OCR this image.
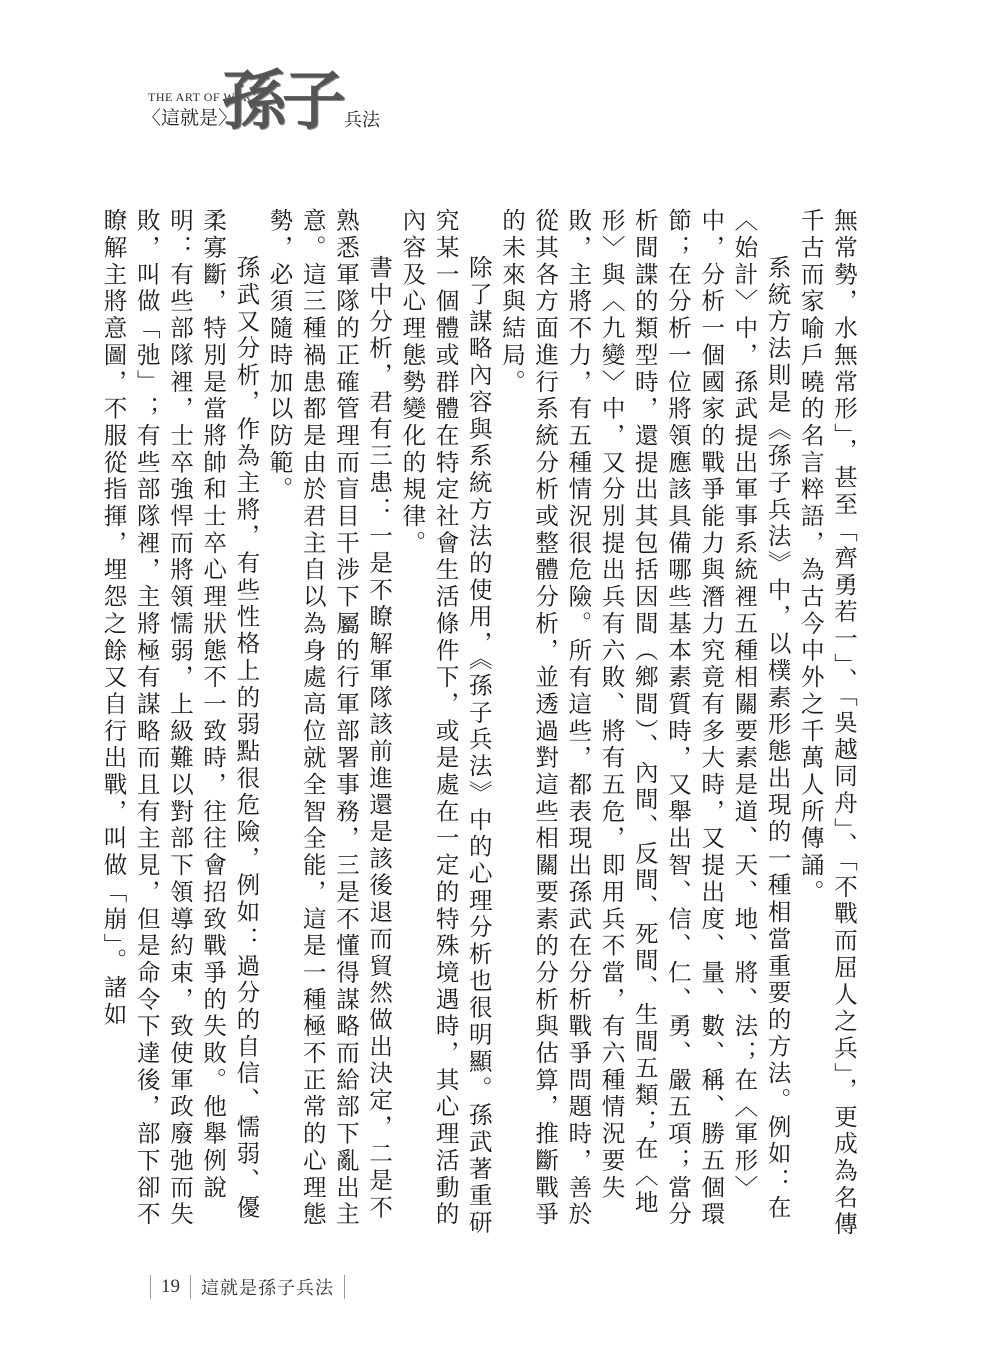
THE ART OF WAR
〈這就是〉
孫子 兵法

無常勢，水無常形」，甚至「齊勇若一」、「吳越同舟」、「不戰而屈人之兵」，更成為名傳千古而家喻戶曉的名言粹語，為古今中外之千萬人所傳誦。

系統方法則是《孫子兵法》中，以樸素形態出現的一種相當重要的方法。例如：在〈始計〉中，孫武提出軍事系統裡五種相關要素是道、天、地、將、法；在〈軍形〉中，分析一個國家的戰爭能力與潛力究竟有多大時，又提出度、量、數、稱、勝五個環節；在分析一位將領應該具備哪些基本素質時，又舉出智、信、仁、勇、嚴五項；當分析間諜的類型時，還提出其包括因間（鄉間）、內間、反間、死間、生間五類；在〈地形〉與〈九變〉中，又分別提出兵有六敗、將有五危，即用兵不當，有六種情況要失敗，主將不力，有五種情況很危險。所有這些，都表現出孫武在分析戰爭問題時，善於從其各方面進行系統分析或整體分析，並透過對這些相關要素的分析與估算，推斷戰爭的未來與結局。

除了謀略內容與系統方法的使用，《孫子兵法》中的心理分析也很明顯。孫武著重研究某一個體或群體在特定社會生活條件下，或是處在一定的特殊境遇時，其心理活動的內容及心理態勢變化的規律。

書中分析，君有三患：一是不瞭解軍隊該前進還是該後退而貿然做出決定，二是不熟悉軍隊的正確管理而盲目干涉下屬的行軍部署事務，三是不懂得謀略而給部下亂出主意。這三種禍患都是由於君主自以為身處高位就全智全能，這是一種極不正常的心理態勢，必須隨時加以防範。

孫武又分析，作為主將，有些性格上的弱點很危險，例如：過分的自信、懦弱、優柔寡斷，特別是當將帥和士卒心理狀態不一致時，往往會招致戰爭的失敗。他舉例說明：有些部隊裡，士卒強悍而將領懦弱，上級難以對部下領導約束，致使軍政廢弛而失敗，叫做「弛」；有些部隊裡，主將極有謀略而且有主見，但是命令下達後，部下卻不瞭解主將意圖，不服從指揮，埋怨之餘又自行出戰，叫做「崩」。諸如

19 這就是孫子兵法
